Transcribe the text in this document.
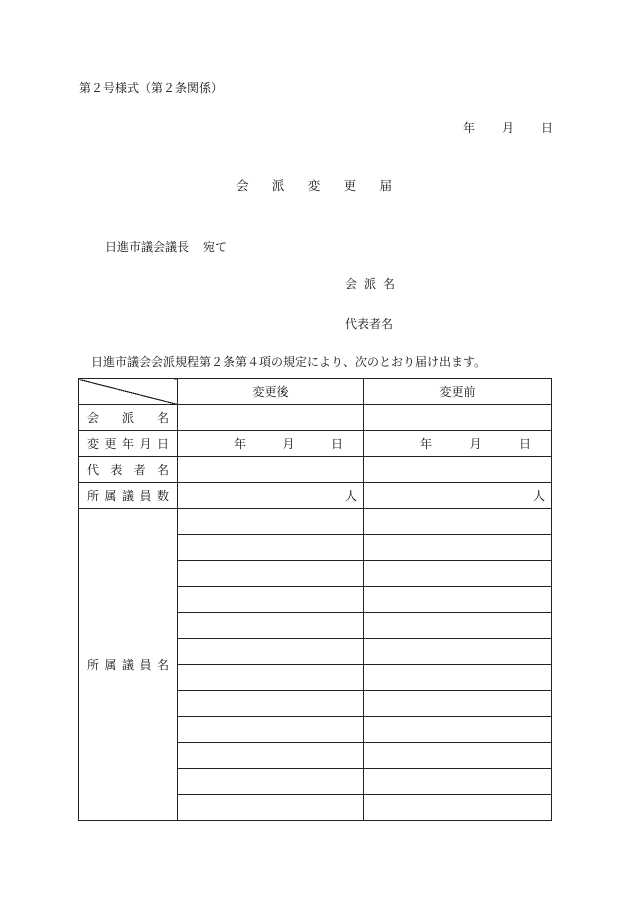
第２号様式（第２条関係）
年 月 日
会 派 変 更 届
日進市議会議長 宛て
会 派 名
代表者名
日進市議会会派規程第２条第４項の規定により、次のとおり届け出ます。
	変更後	変更前

会 派 名		

変 更 年 月 日	年 月 日	年 月 日

代 表 者 名		

所 属 議 員 数	人	人

所 属 議 員 名		
